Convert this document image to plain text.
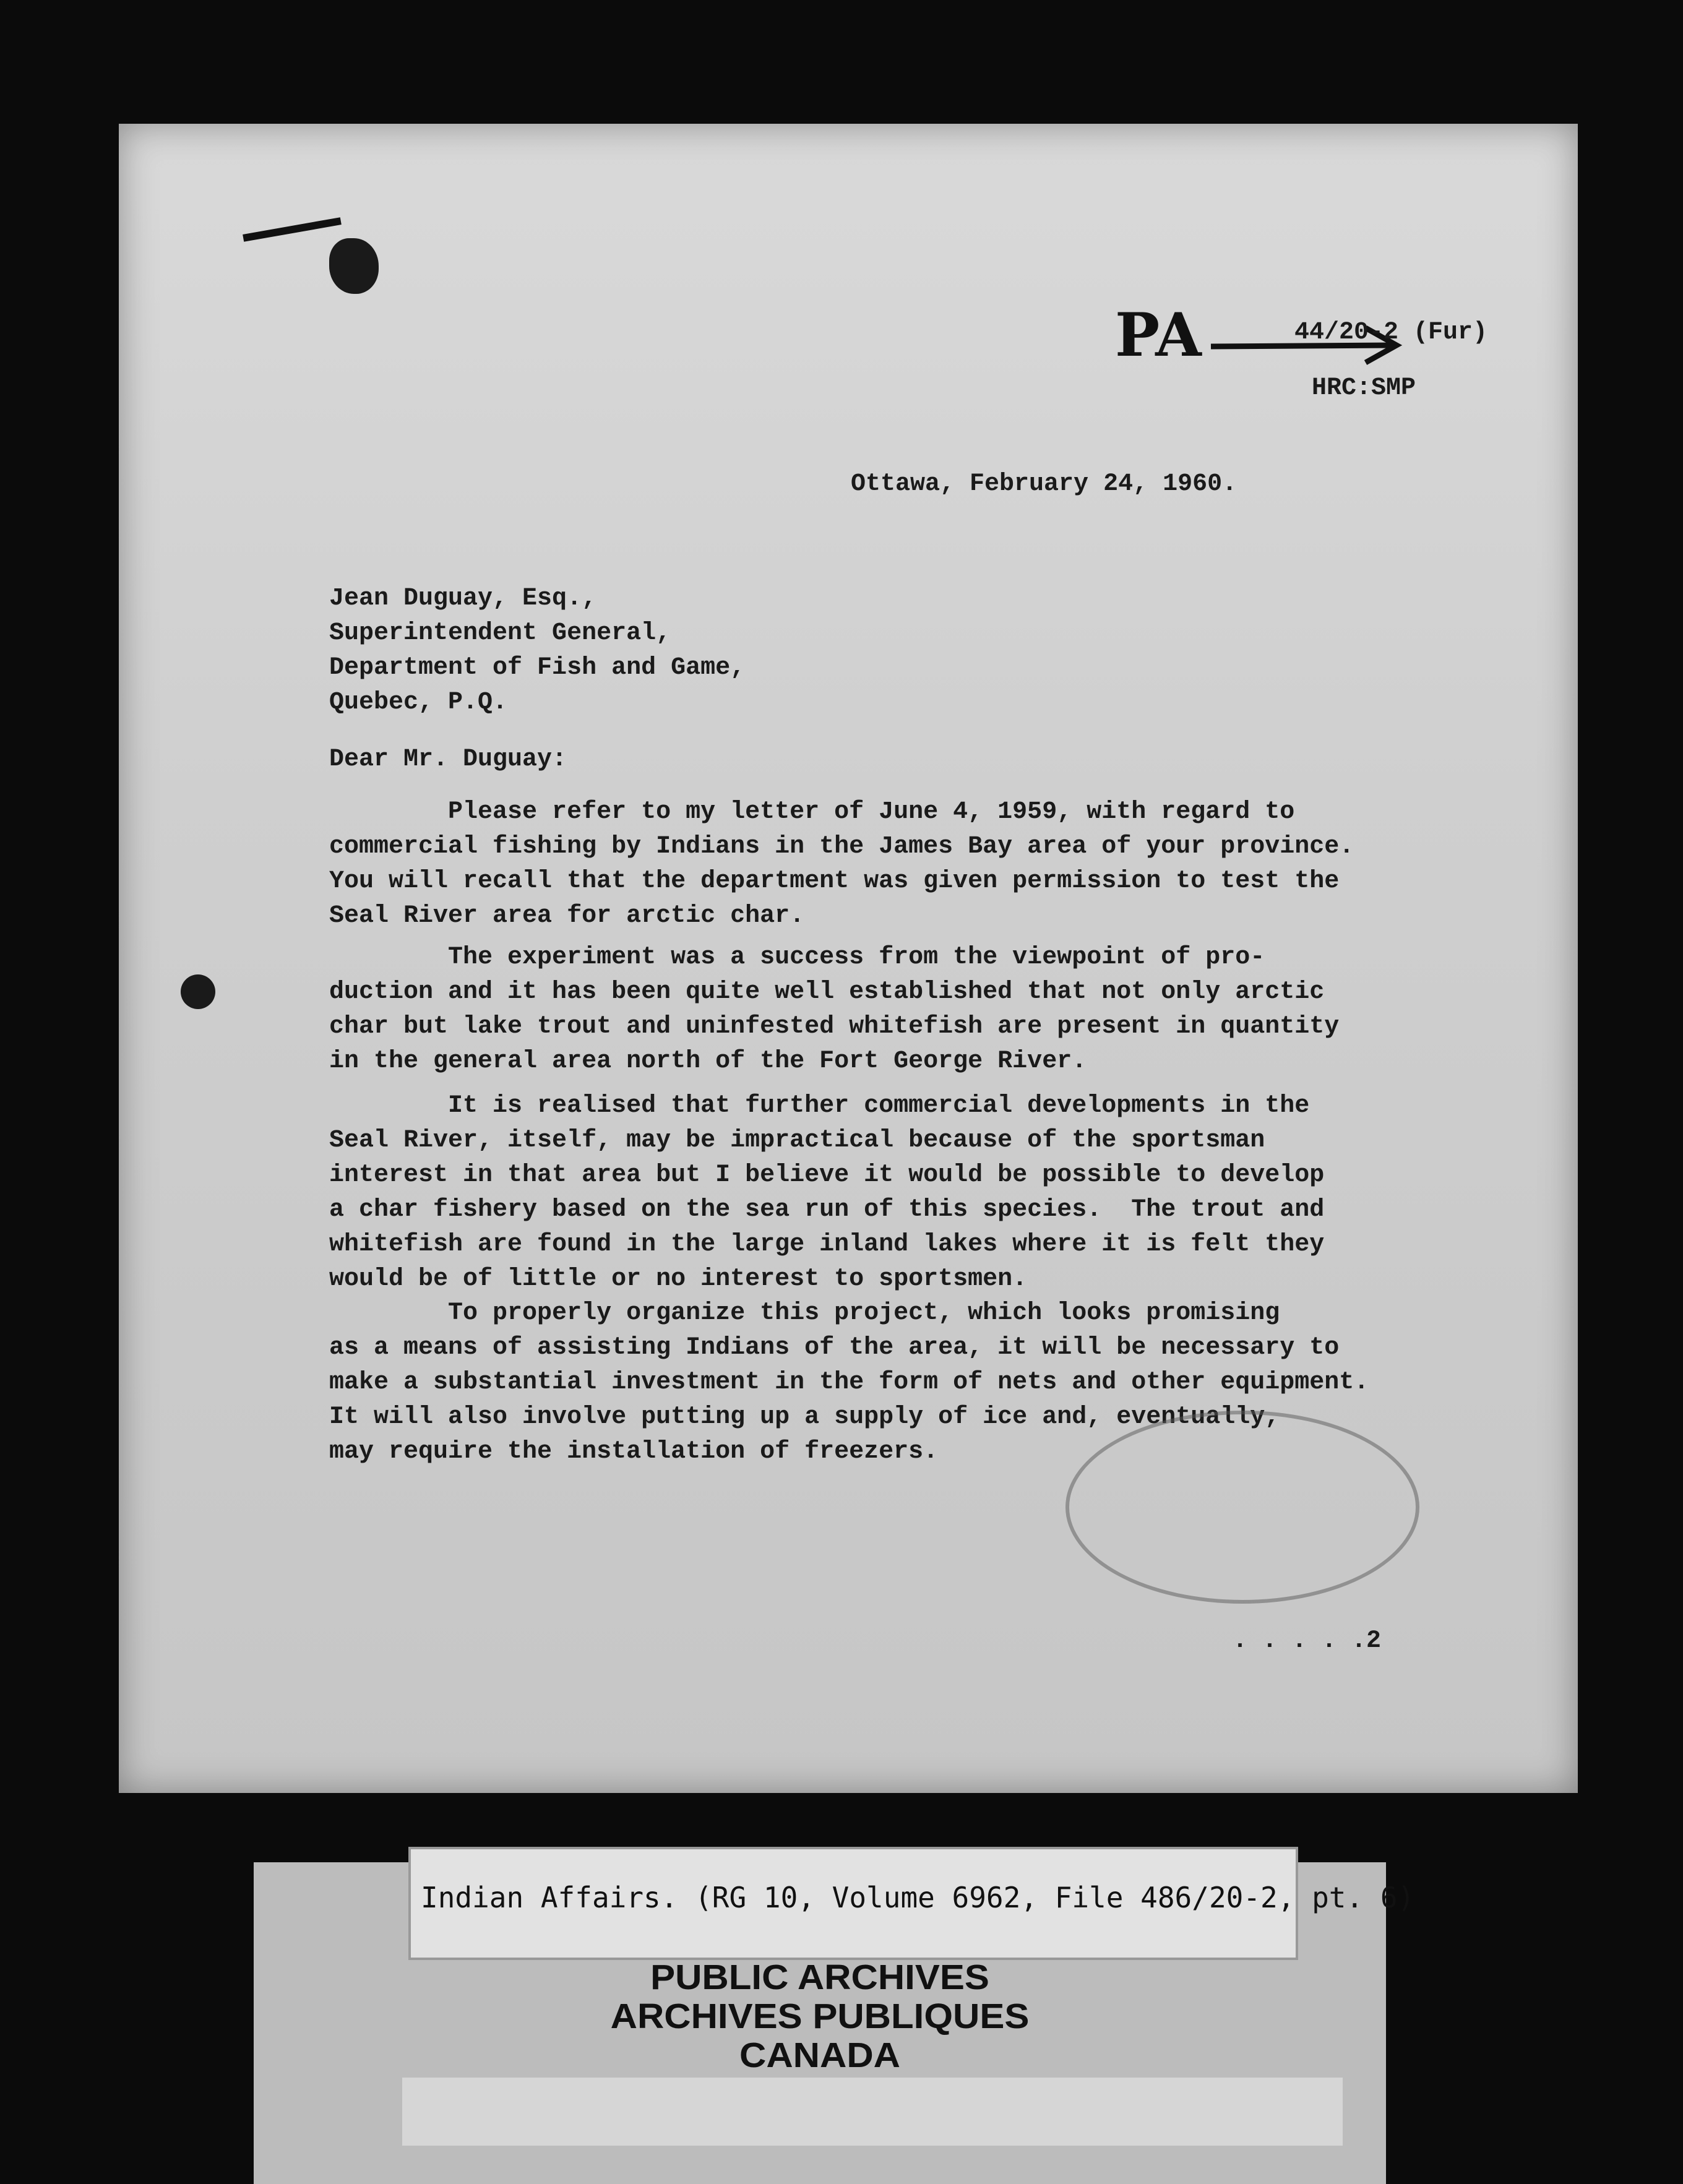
PA	44/20-2 (Fur)
HRC:SMP
Ottawa, February 24, 1960.
Jean Duguay, Esq.,
Superintendent General,
Department of Fish and Game,
Quebec, P.Q.
Dear Mr. Duguay:
Please refer to my letter of June 4, 1959, with regard to
commercial fishing by Indians in the James Bay area of your province.
You will recall that the department was given permission to test the
Seal River area for arctic char.
The experiment was a success from the viewpoint of pro-
duction and it has been quite well established that not only arctic
char but lake trout and uninfested whitefish are present in quantity
in the general area north of the Fort George River.
It is realised that further commercial developments in the
Seal River, itself, may be impractical because of the sportsman
interest in that area but I believe it would be possible to develop
a char fishery based on the sea run of this species.  The trout and
whitefish are found in the large inland lakes where it is felt they
would be of little or no interest to sportsmen.
To properly organize this project, which looks promising
as a means of assisting Indians of the area, it will be necessary to
make a substantial investment in the form of nets and other equipment.
It will also involve putting up a supply of ice and, eventually,
may require the installation of freezers.
. . . . .2
Indian Affairs. (RG 10, Volume 6962, File 486/20-2, pt. 6)
PUBLIC ARCHIVES
ARCHIVES PUBLIQUES
CANADA
